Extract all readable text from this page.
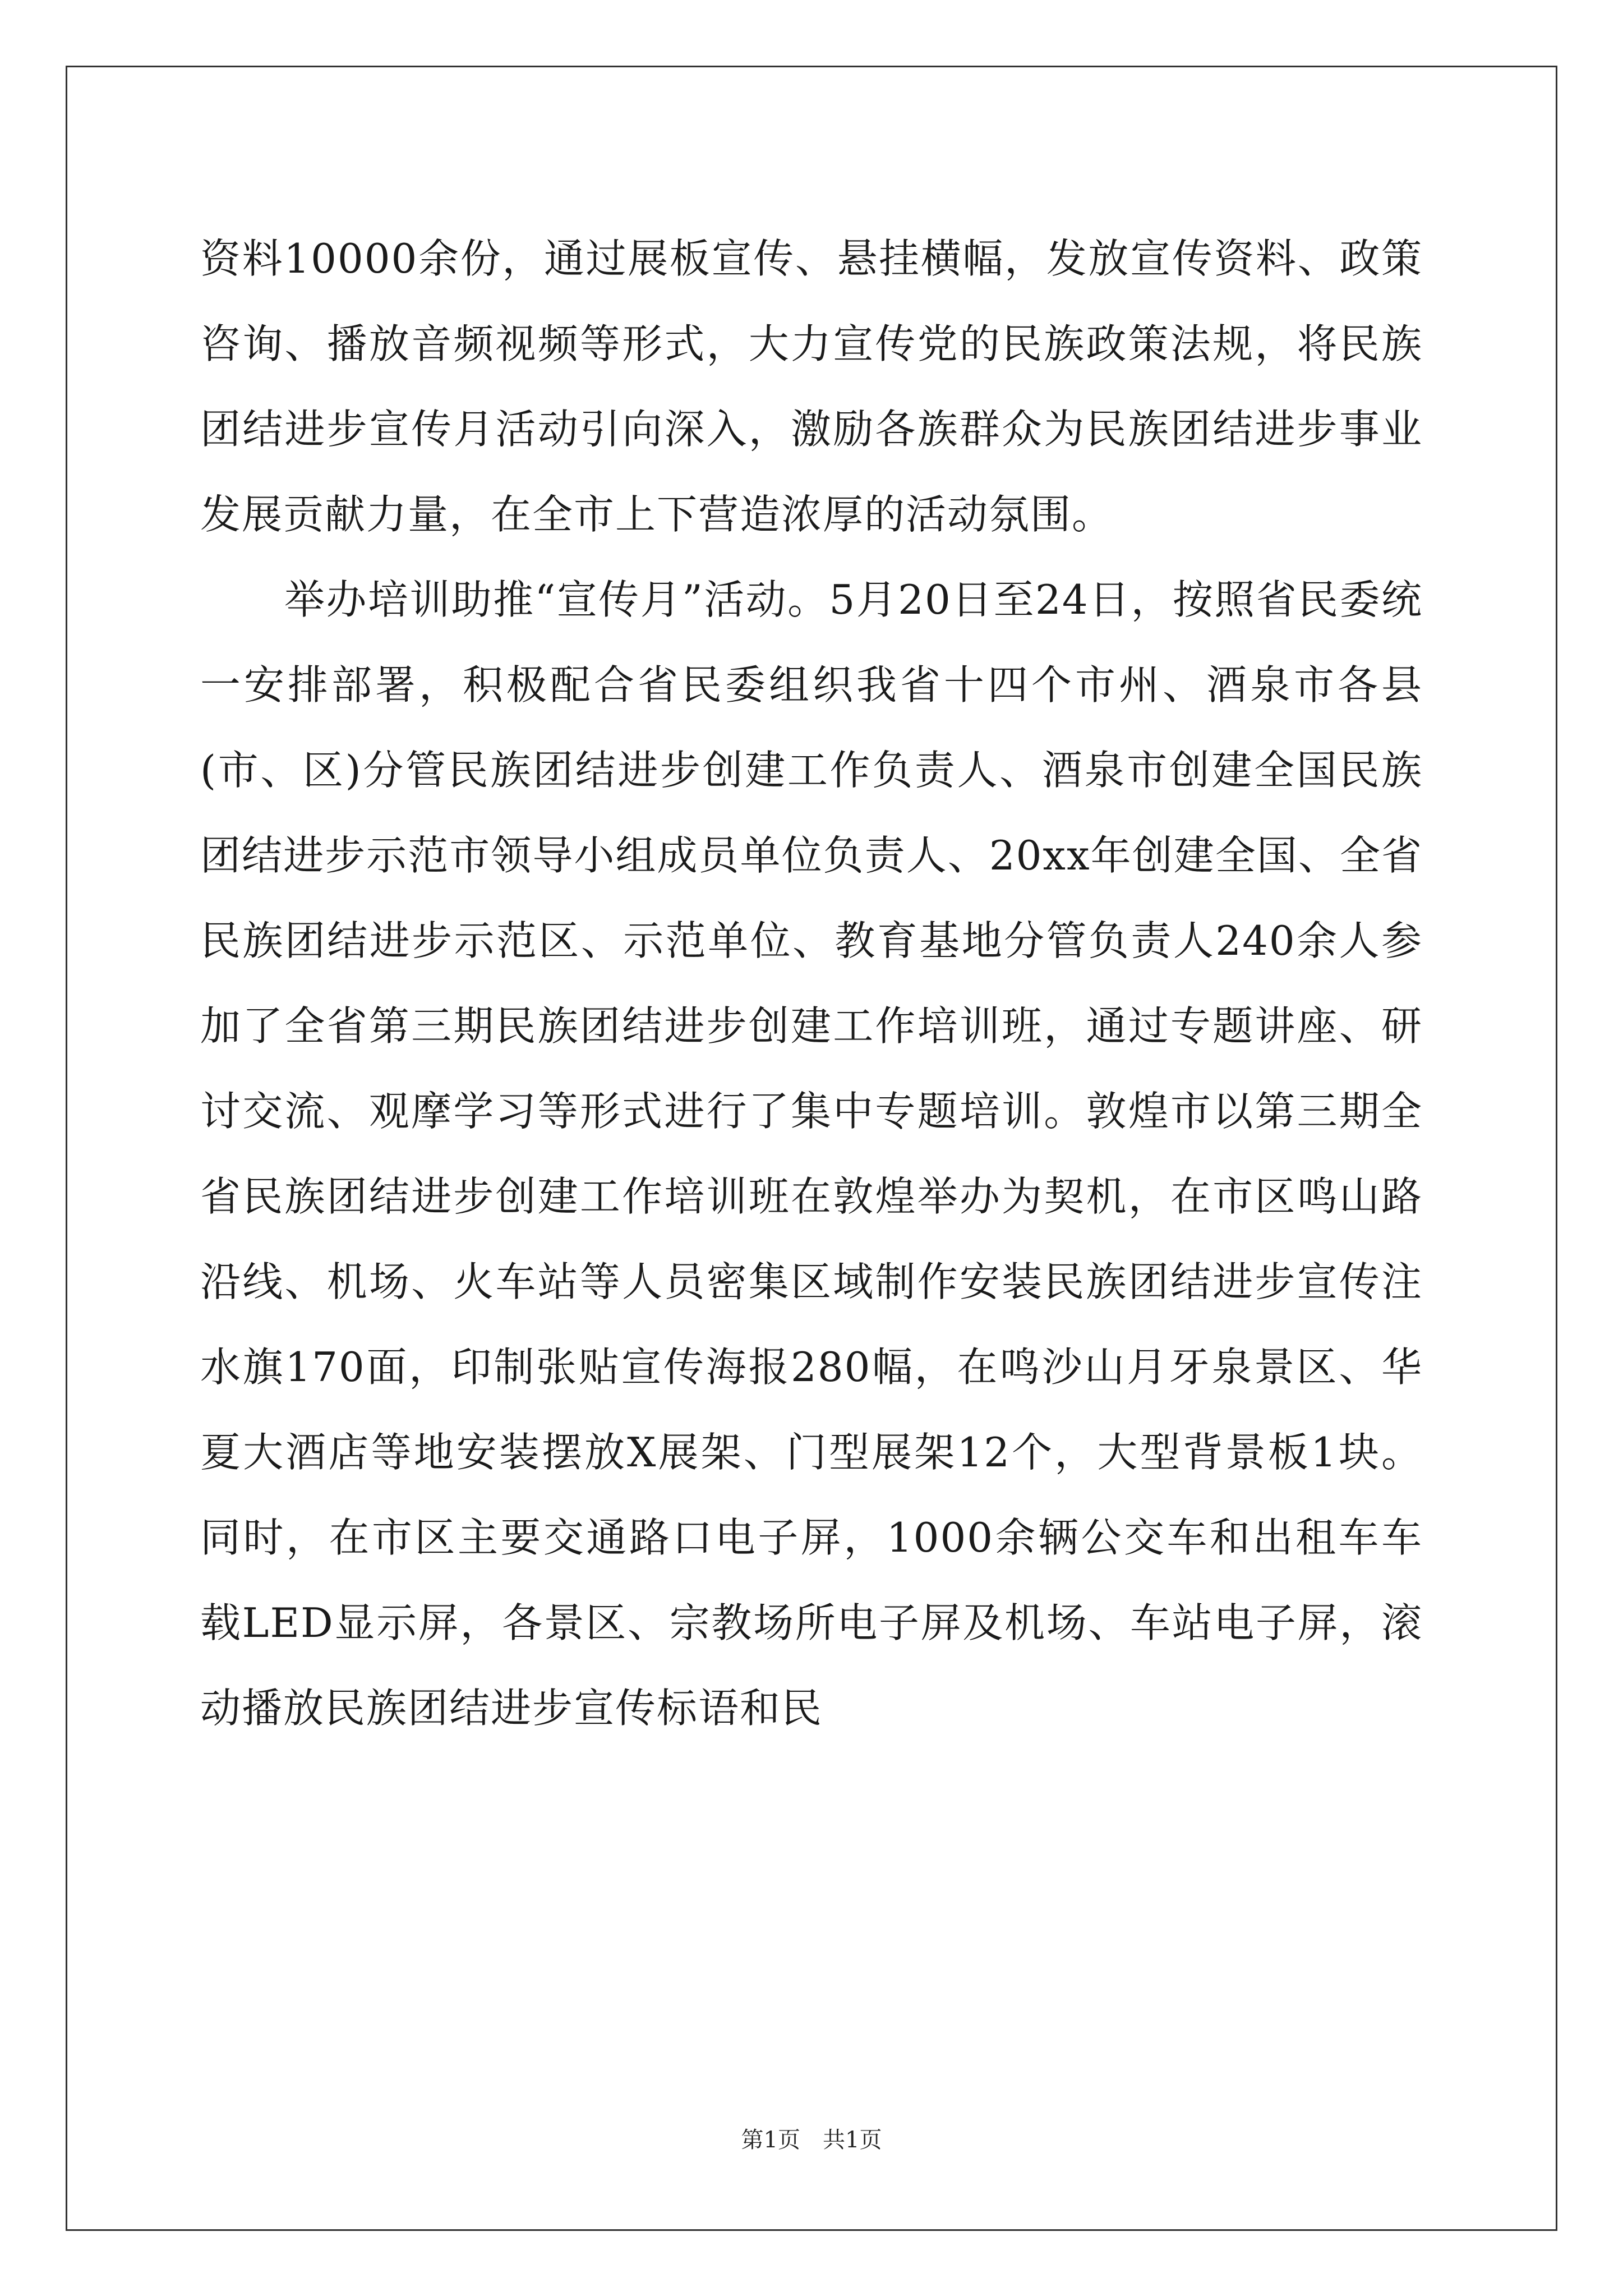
资料10000余份，通过展板宣传、悬挂横幅，发放宣传资料、政策咨询、播放音频视频等形式，大力宣传党的民族政策法规，将民族团结进步宣传月活动引向深入，激励各族群众为民族团结进步事业发展贡献力量，在全市上下营造浓厚的活动氛围。

举办培训助推“宣传月”活动。5月20日至24日，按照省民委统一安排部署，积极配合省民委组织我省十四个市州、酒泉市各县(市、区)分管民族团结进步创建工作负责人、酒泉市创建全国民族团结进步示范市领导小组成员单位负责人、20xx年创建全国、全省民族团结进步示范区、示范单位、教育基地分管负责人240余人参加了全省第三期民族团结进步创建工作培训班，通过专题讲座、研讨交流、观摩学习等形式进行了集中专题培训。敦煌市以第三期全省民族团结进步创建工作培训班在敦煌举办为契机，在市区鸣山路沿线、机场、火车站等人员密集区域制作安装民族团结进步宣传注水旗170面，印制张贴宣传海报280幅，在鸣沙山月牙泉景区、华夏大酒店等地安装摆放X展架、门型展架12个，大型背景板1块。同时，在市区主要交通路口电子屏，1000余辆公交车和出租车车载LED显示屏，各景区、宗教场所电子屏及机场、车站电子屏，滚动播放民族团结进步宣传标语和民

第1页 共1页
